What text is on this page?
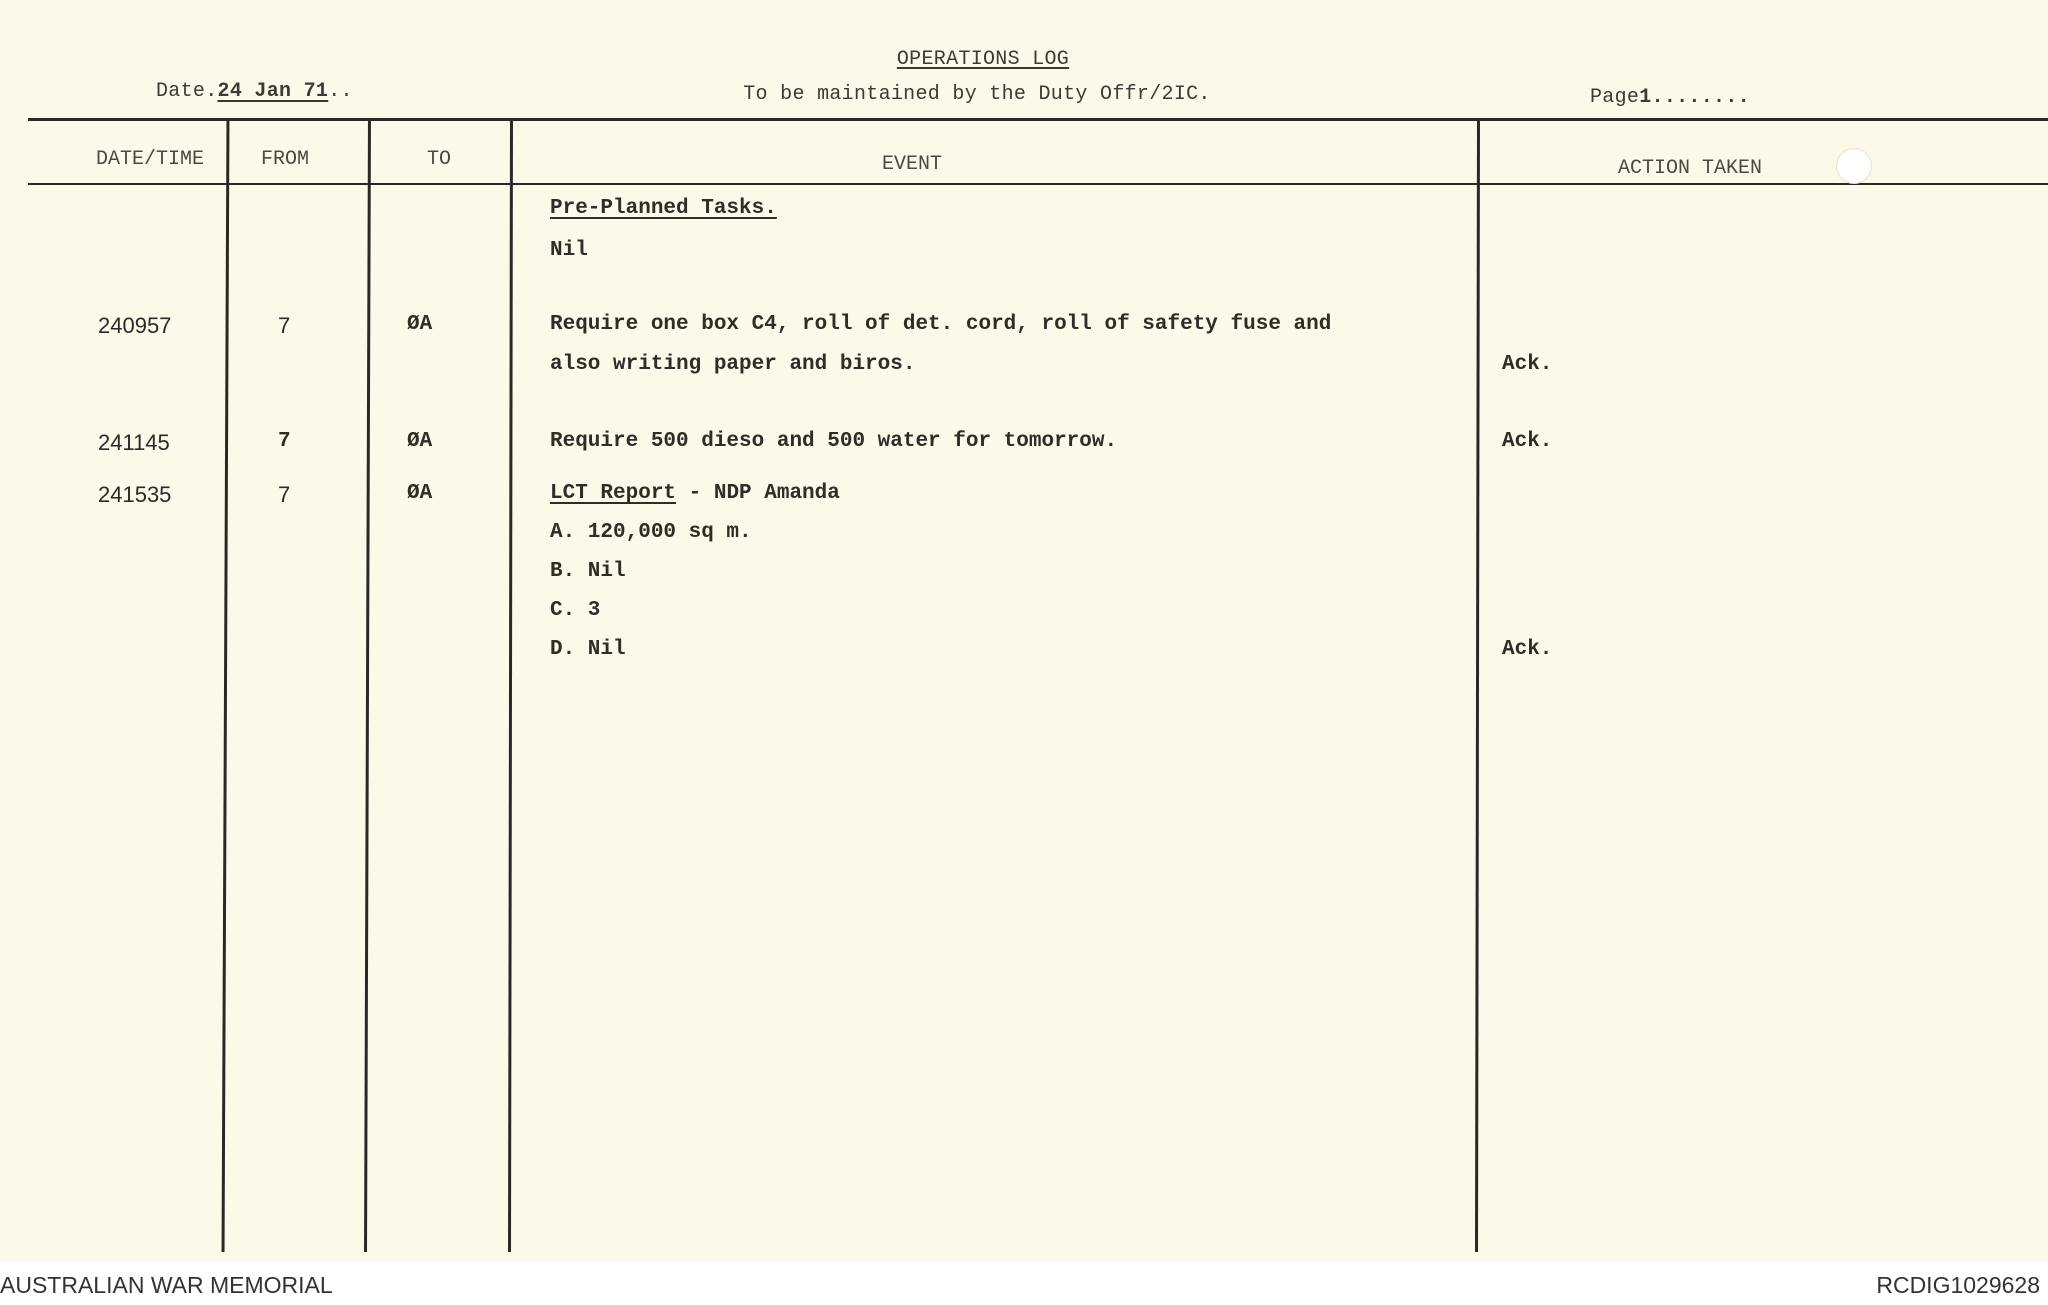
OPERATIONS LOG
To be maintained by the Duty Offr/2IC.
Date.24 Jan 71..	Page1........
DATE/TIME	FROM	TO	EVENT	ACTION TAKEN
Pre-Planned Tasks.
Nil
240957	7	ØA	Require one box C4, roll of det. cord, roll of safety fuse and
also writing paper and biros.	Ack.
241145	7	ØA	Require 500 dieso and 500 water for tomorrow.	Ack.
241535	7	ØA	LCT Report - NDP Amanda
A. 120,000 sq m.
B. Nil
C. 3
D. Nil	Ack.
AUSTRALIAN WAR MEMORIAL	RCDIG1029628
